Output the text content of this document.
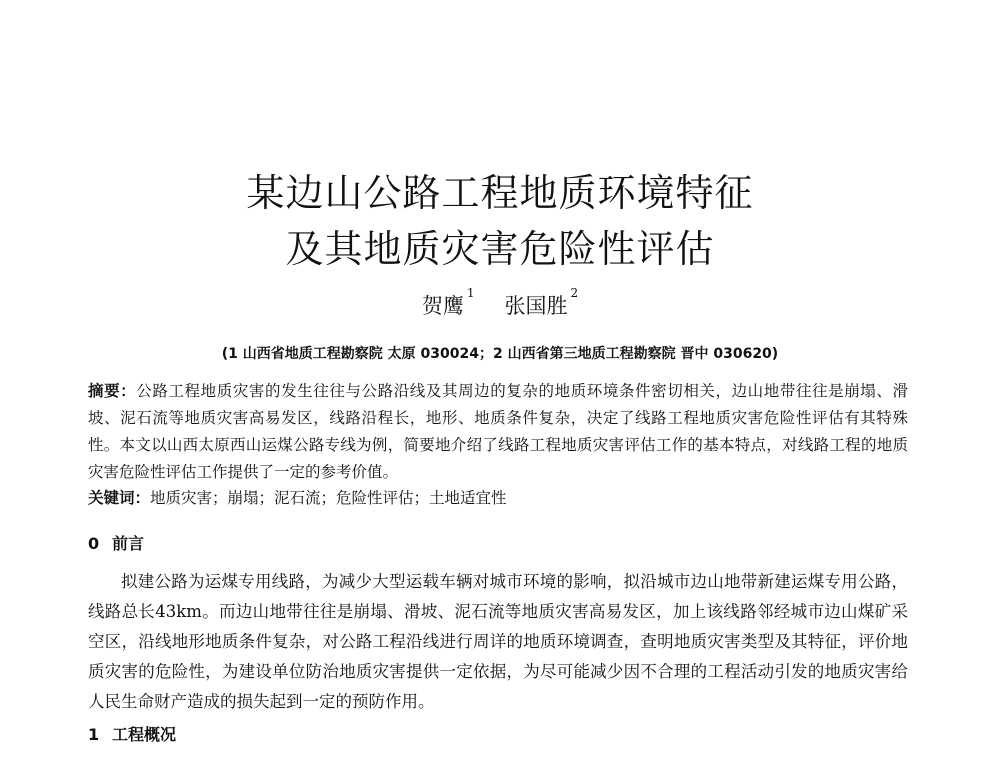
某边山公路工程地质环境特征
及其地质灾害危险性评估
贺鹰$^1$张国胜$^2$
(1 山西省地质工程勘察院 太原 030024；2 山西省第三地质工程勘察院 晋中 030620)
摘要：公路工程地质灾害的发生往往与公路沿线及其周边的复杂的地质环境条件密切相关，边山地带往往是崩塌、滑坡、泥石流等地质灾害高易发区，线路沿程长，地形、地质条件复杂，决定了线路工程地质灾害危险性评估有其特殊性。本文以山西太原西山运煤公路专线为例，简要地介绍了线路工程地质灾害评估工作的基本特点，对线路工程的地质灾害危险性评估工作提供了一定的参考价值。
关键词：地质灾害；崩塌；泥石流；危险性评估；土地适宜性
0 前言
拟建公路为运煤专用线路，为减少大型运载车辆对城市环境的影响，拟沿城市边山地带新建运煤专用公路，线路总长43km。而边山地带往往是崩塌、滑坡、泥石流等地质灾害高易发区，加上该线路邻经城市边山煤矿采空区，沿线地形地质条件复杂，对公路工程沿线进行周详的地质环境调查，查明地质灾害类型及其特征，评价地质灾害的危险性，为建设单位防治地质灾害提供一定依据，为尽可能减少因不合理的工程活动引发的地质灾害给人民生命财产造成的损失起到一定的预防作用。
1 工程概况
